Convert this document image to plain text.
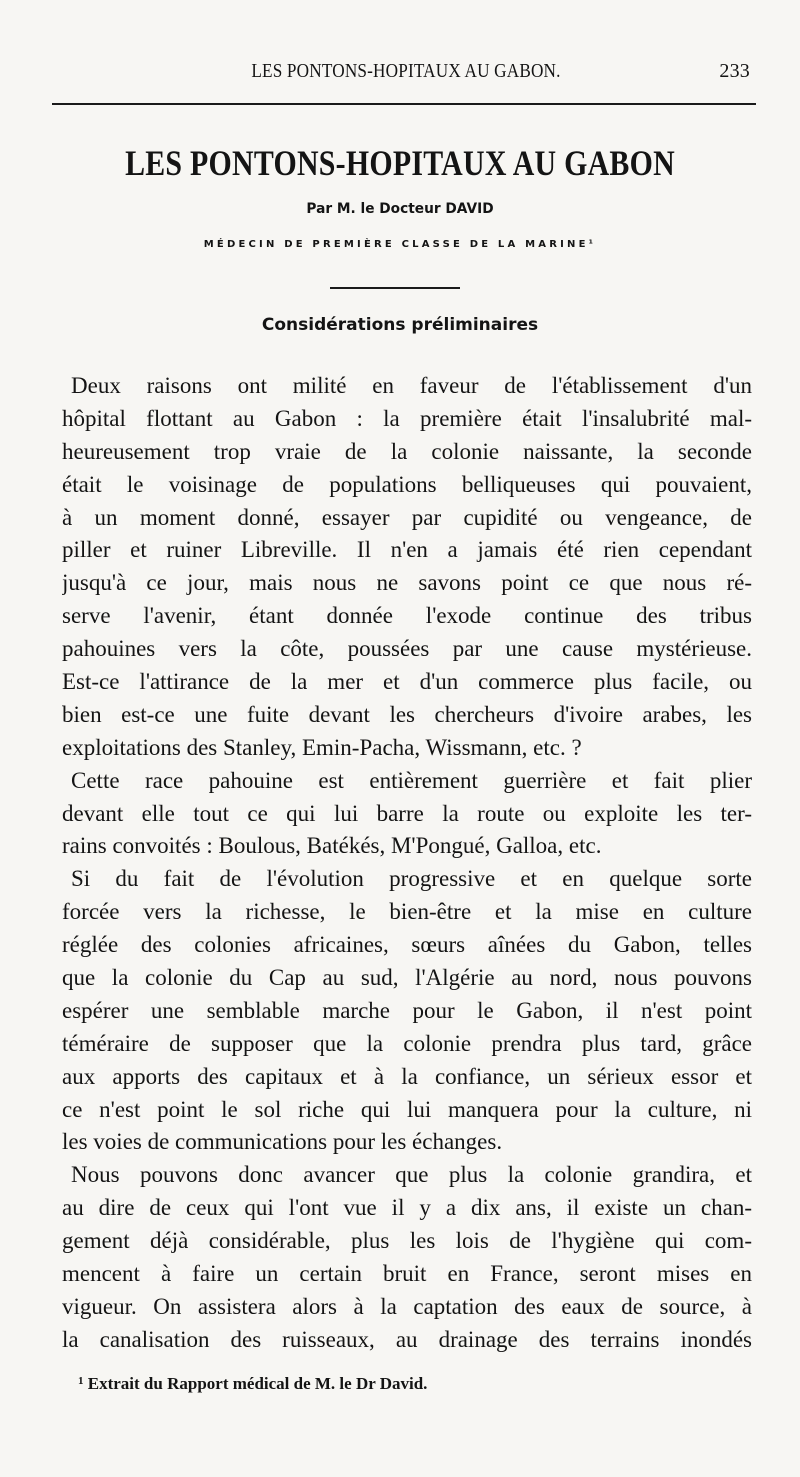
LES PONTONS-HOPITAUX AU GABON.	233
LES PONTONS-HOPITAUX AU GABON
Par M. le Docteur DAVID
MÉDECIN DE PREMIÈRE CLASSE DE LA MARINE¹
Considérations préliminaires
Deux raisons ont milité en faveur de l'établissement d'un
hôpital flottant au Gabon : la première était l'insalubrité mal-
heureusement trop vraie de la colonie naissante, la seconde
était le voisinage de populations belliqueuses qui pouvaient,
à un moment donné, essayer par cupidité ou vengeance, de
piller et ruiner Libreville. Il n'en a jamais été rien cependant
jusqu'à ce jour, mais nous ne savons point ce que nous ré-
serve l'avenir, étant donnée l'exode continue des tribus
pahouines vers la côte, poussées par une cause mystérieuse.
Est-ce l'attirance de la mer et d'un commerce plus facile, ou
bien est-ce une fuite devant les chercheurs d'ivoire arabes, les
exploitations des Stanley, Emin-Pacha, Wissmann, etc. ?
Cette race pahouine est entièrement guerrière et fait plier
devant elle tout ce qui lui barre la route ou exploite les ter-
rains convoités : Boulous, Batékés, M'Pongué, Galloa, etc.
Si du fait de l'évolution progressive et en quelque sorte
forcée vers la richesse, le bien-être et la mise en culture
réglée des colonies africaines, sœurs aînées du Gabon, telles
que la colonie du Cap au sud, l'Algérie au nord, nous pouvons
espérer une semblable marche pour le Gabon, il n'est point
téméraire de supposer que la colonie prendra plus tard, grâce
aux apports des capitaux et à la confiance, un sérieux essor et
ce n'est point le sol riche qui lui manquera pour la culture, ni
les voies de communications pour les échanges.
Nous pouvons donc avancer que plus la colonie grandira, et
au dire de ceux qui l'ont vue il y a dix ans, il existe un chan-
gement déjà considérable, plus les lois de l'hygiène qui com-
mencent à faire un certain bruit en France, seront mises en
vigueur. On assistera alors à la captation des eaux de source, à
la canalisation des ruisseaux, au drainage des terrains inondés
$^1$ Extrait du Rapport médical de M. le Dr David.
